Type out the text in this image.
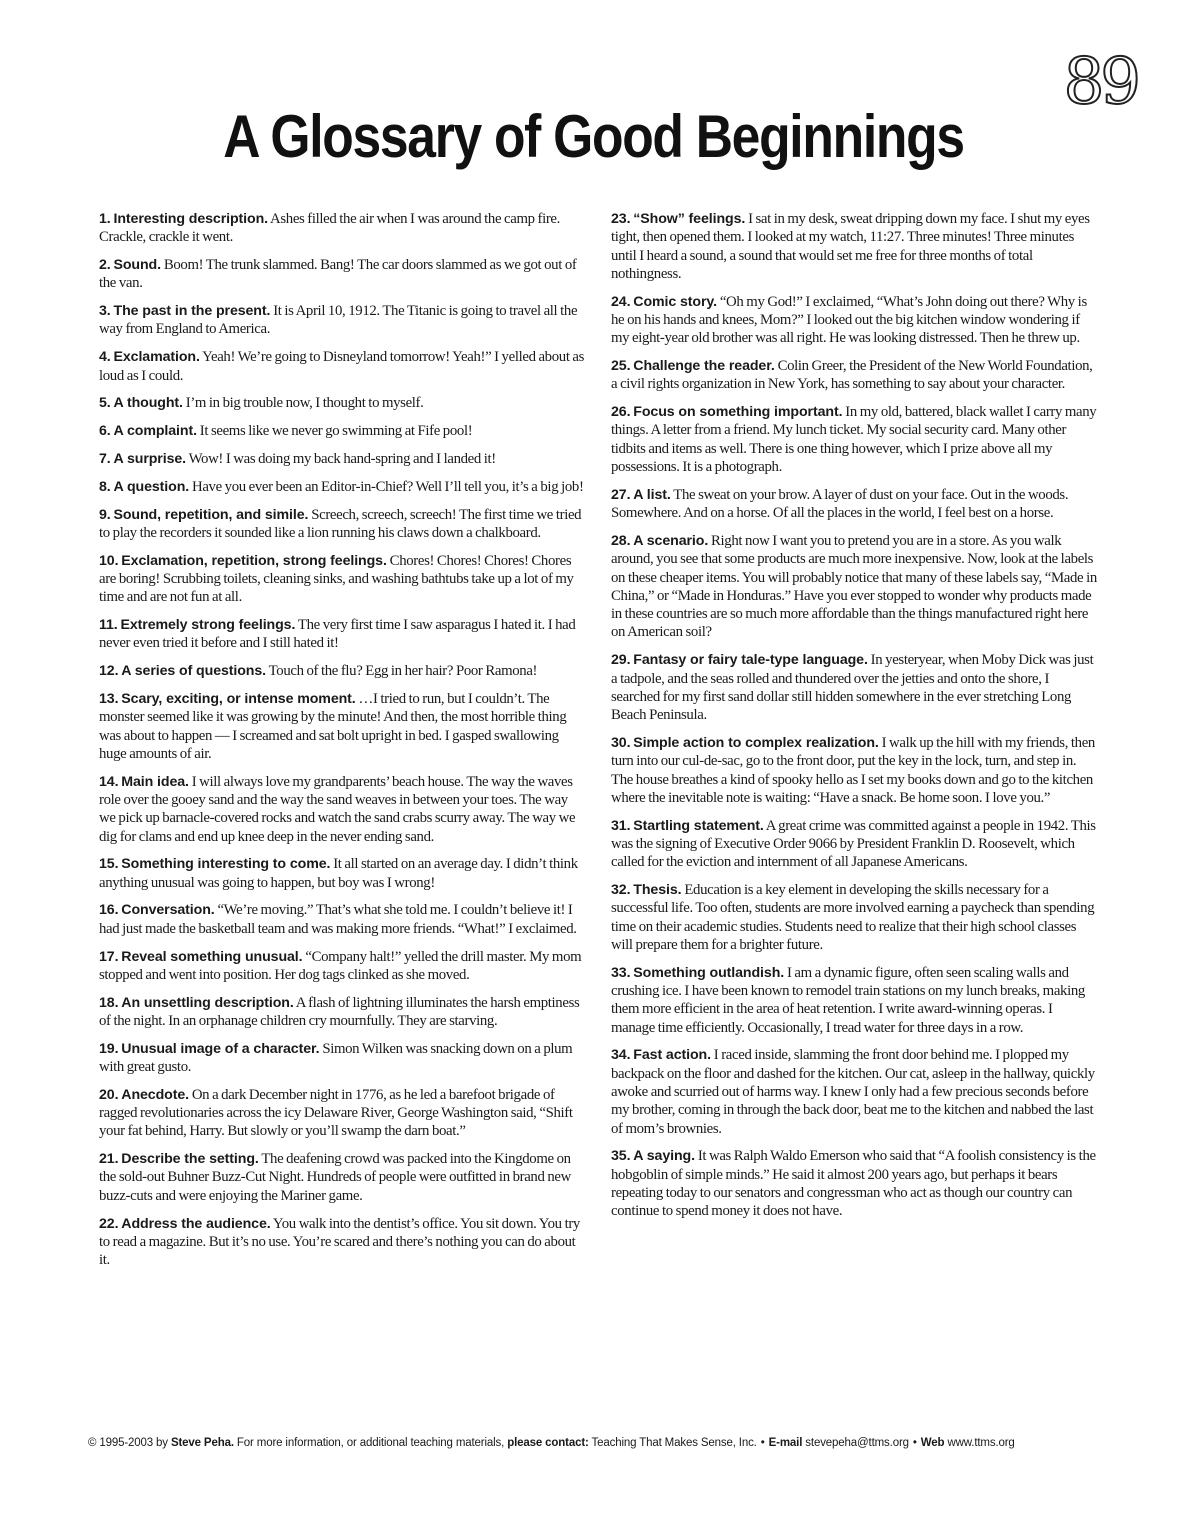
89
A Glossary of Good Beginnings

1. Interesting description. Ashes filled the air when I was around the camp fire. Crackle, crackle it went.

2. Sound. Boom! The trunk slammed. Bang! The car doors slammed as we got out of the van.

3. The past in the present. It is April 10, 1912. The Titanic is going to travel all the way from England to America.

4. Exclamation. Yeah! We’re going to Disneyland tomorrow! Yeah!” I yelled about as loud as I could.

5. A thought. I’m in big trouble now, I thought to myself.

6. A complaint. It seems like we never go swimming at Fife pool!

7. A surprise. Wow! I was doing my back hand-spring and I landed it!

8. A question. Have you ever been an Editor-in-Chief? Well I’ll tell you, it’s a big job!

9. Sound, repetition, and simile. Screech, screech, screech! The first time we tried to play the recorders it sounded like a lion running his claws down a chalkboard.

10. Exclamation, repetition, strong feelings. Chores! Chores! Chores! Chores are boring! Scrubbing toilets, cleaning sinks, and washing bathtubs take up a lot of my time and are not fun at all.

11. Extremely strong feelings. The very first time I saw asparagus I hated it. I had never even tried it before and I still hated it!

12. A series of questions. Touch of the flu? Egg in her hair? Poor Ramona!

13. Scary, exciting, or intense moment. …I tried to run, but I couldn’t. The monster seemed like it was growing by the minute! And then, the most horrible thing was about to happen — I screamed and sat bolt upright in bed. I gasped swallowing huge amounts of air.

14. Main idea. I will always love my grandparents’ beach house. The way the waves role over the gooey sand and the way the sand weaves in between your toes. The way we pick up barnacle-covered rocks and watch the sand crabs scurry away. The way we dig for clams and end up knee deep in the never ending sand.

15. Something interesting to come. It all started on an average day. I didn’t think anything unusual was going to happen, but boy was I wrong!

16. Conversation. “We’re moving.” That’s what she told me. I couldn’t believe it! I had just made the basketball team and was making more friends. “What!” I exclaimed.

17. Reveal something unusual. “Company halt!” yelled the drill master. My mom stopped and went into position. Her dog tags clinked as she moved.

18. An unsettling description. A flash of lightning illuminates the harsh emptiness of the night. In an orphanage children cry mournfully. They are starving.

19. Unusual image of a character. Simon Wilken was snacking down on a plum with great gusto.

20. Anecdote. On a dark December night in 1776, as he led a barefoot brigade of ragged revolutionaries across the icy Delaware River, George Washington said, “Shift your fat behind, Harry. But slowly or you’ll swamp the darn boat.”

21. Describe the setting. The deafening crowd was packed into the Kingdome on the sold-out Buhner Buzz-Cut Night. Hundreds of people were outfitted in brand new buzz-cuts and were enjoying the Mariner game.

22. Address the audience. You walk into the dentist’s office. You sit down. You try to read a magazine. But it’s no use. You’re scared and there’s nothing you can do about it.

23. “Show” feelings. I sat in my desk, sweat dripping down my face. I shut my eyes tight, then opened them. I looked at my watch, 11:27. Three minutes! Three minutes until I heard a sound, a sound that would set me free for three months of total nothingness.

24. Comic story. “Oh my God!” I exclaimed, “What’s John doing out there? Why is he on his hands and knees, Mom?” I looked out the big kitchen window wondering if my eight-year old brother was all right. He was looking distressed. Then he threw up.

25. Challenge the reader. Colin Greer, the President of the New World Foundation, a civil rights organization in New York, has something to say about your character.

26. Focus on something important. In my old, battered, black wallet I carry many things. A letter from a friend. My lunch ticket. My social security card. Many other tidbits and items as well. There is one thing however, which I prize above all my possessions. It is a photograph.

27. A list. The sweat on your brow. A layer of dust on your face. Out in the woods. Somewhere. And on a horse. Of all the places in the world, I feel best on a horse.

28. A scenario. Right now I want you to pretend you are in a store. As you walk around, you see that some products are much more inexpensive. Now, look at the labels on these cheaper items. You will probably notice that many of these labels say, “Made in China,” or “Made in Honduras.” Have you ever stopped to wonder why products made in these countries are so much more affordable than the things manufactured right here on American soil?

29. Fantasy or fairy tale-type language. In yesteryear, when Moby Dick was just a tadpole, and the seas rolled and thundered over the jetties and onto the shore, I searched for my first sand dollar still hidden somewhere in the ever stretching Long Beach Peninsula.

30. Simple action to complex realization. I walk up the hill with my friends, then turn into our cul-de-sac, go to the front door, put the key in the lock, turn, and step in. The house breathes a kind of spooky hello as I set my books down and go to the kitchen where the inevitable note is waiting: “Have a snack. Be home soon. I love you.”

31. Startling statement. A great crime was committed against a people in 1942. This was the signing of Executive Order 9066 by President Franklin D. Roosevelt, which called for the eviction and internment of all Japanese Americans.

32. Thesis. Education is a key element in developing the skills necessary for a successful life. Too often, students are more involved earning a paycheck than spending time on their academic studies. Students need to realize that their high school classes will prepare them for a brighter future.

33. Something outlandish. I am a dynamic figure, often seen scaling walls and crushing ice. I have been known to remodel train stations on my lunch breaks, making them more efficient in the area of heat retention. I write award-winning operas. I manage time efficiently. Occasionally, I tread water for three days in a row.

34. Fast action. I raced inside, slamming the front door behind me. I plopped my backpack on the floor and dashed for the kitchen. Our cat, asleep in the hallway, quickly awoke and scurried out of harms way. I knew I only had a few precious seconds before my brother, coming in through the back door, beat me to the kitchen and nabbed the last of mom’s brownies.

35. A saying. It was Ralph Waldo Emerson who said that “A foolish consistency is the hobgoblin of simple minds.” He said it almost 200 years ago, but perhaps it bears repeating today to our senators and congressman who act as though our country can continue to spend money it does not have.

© 1995-2003 by Steve Peha. For more information, or additional teaching materials, please contact: Teaching That Makes Sense, Inc. • E-mail stevepeha@ttms.org • Web www.ttms.org
